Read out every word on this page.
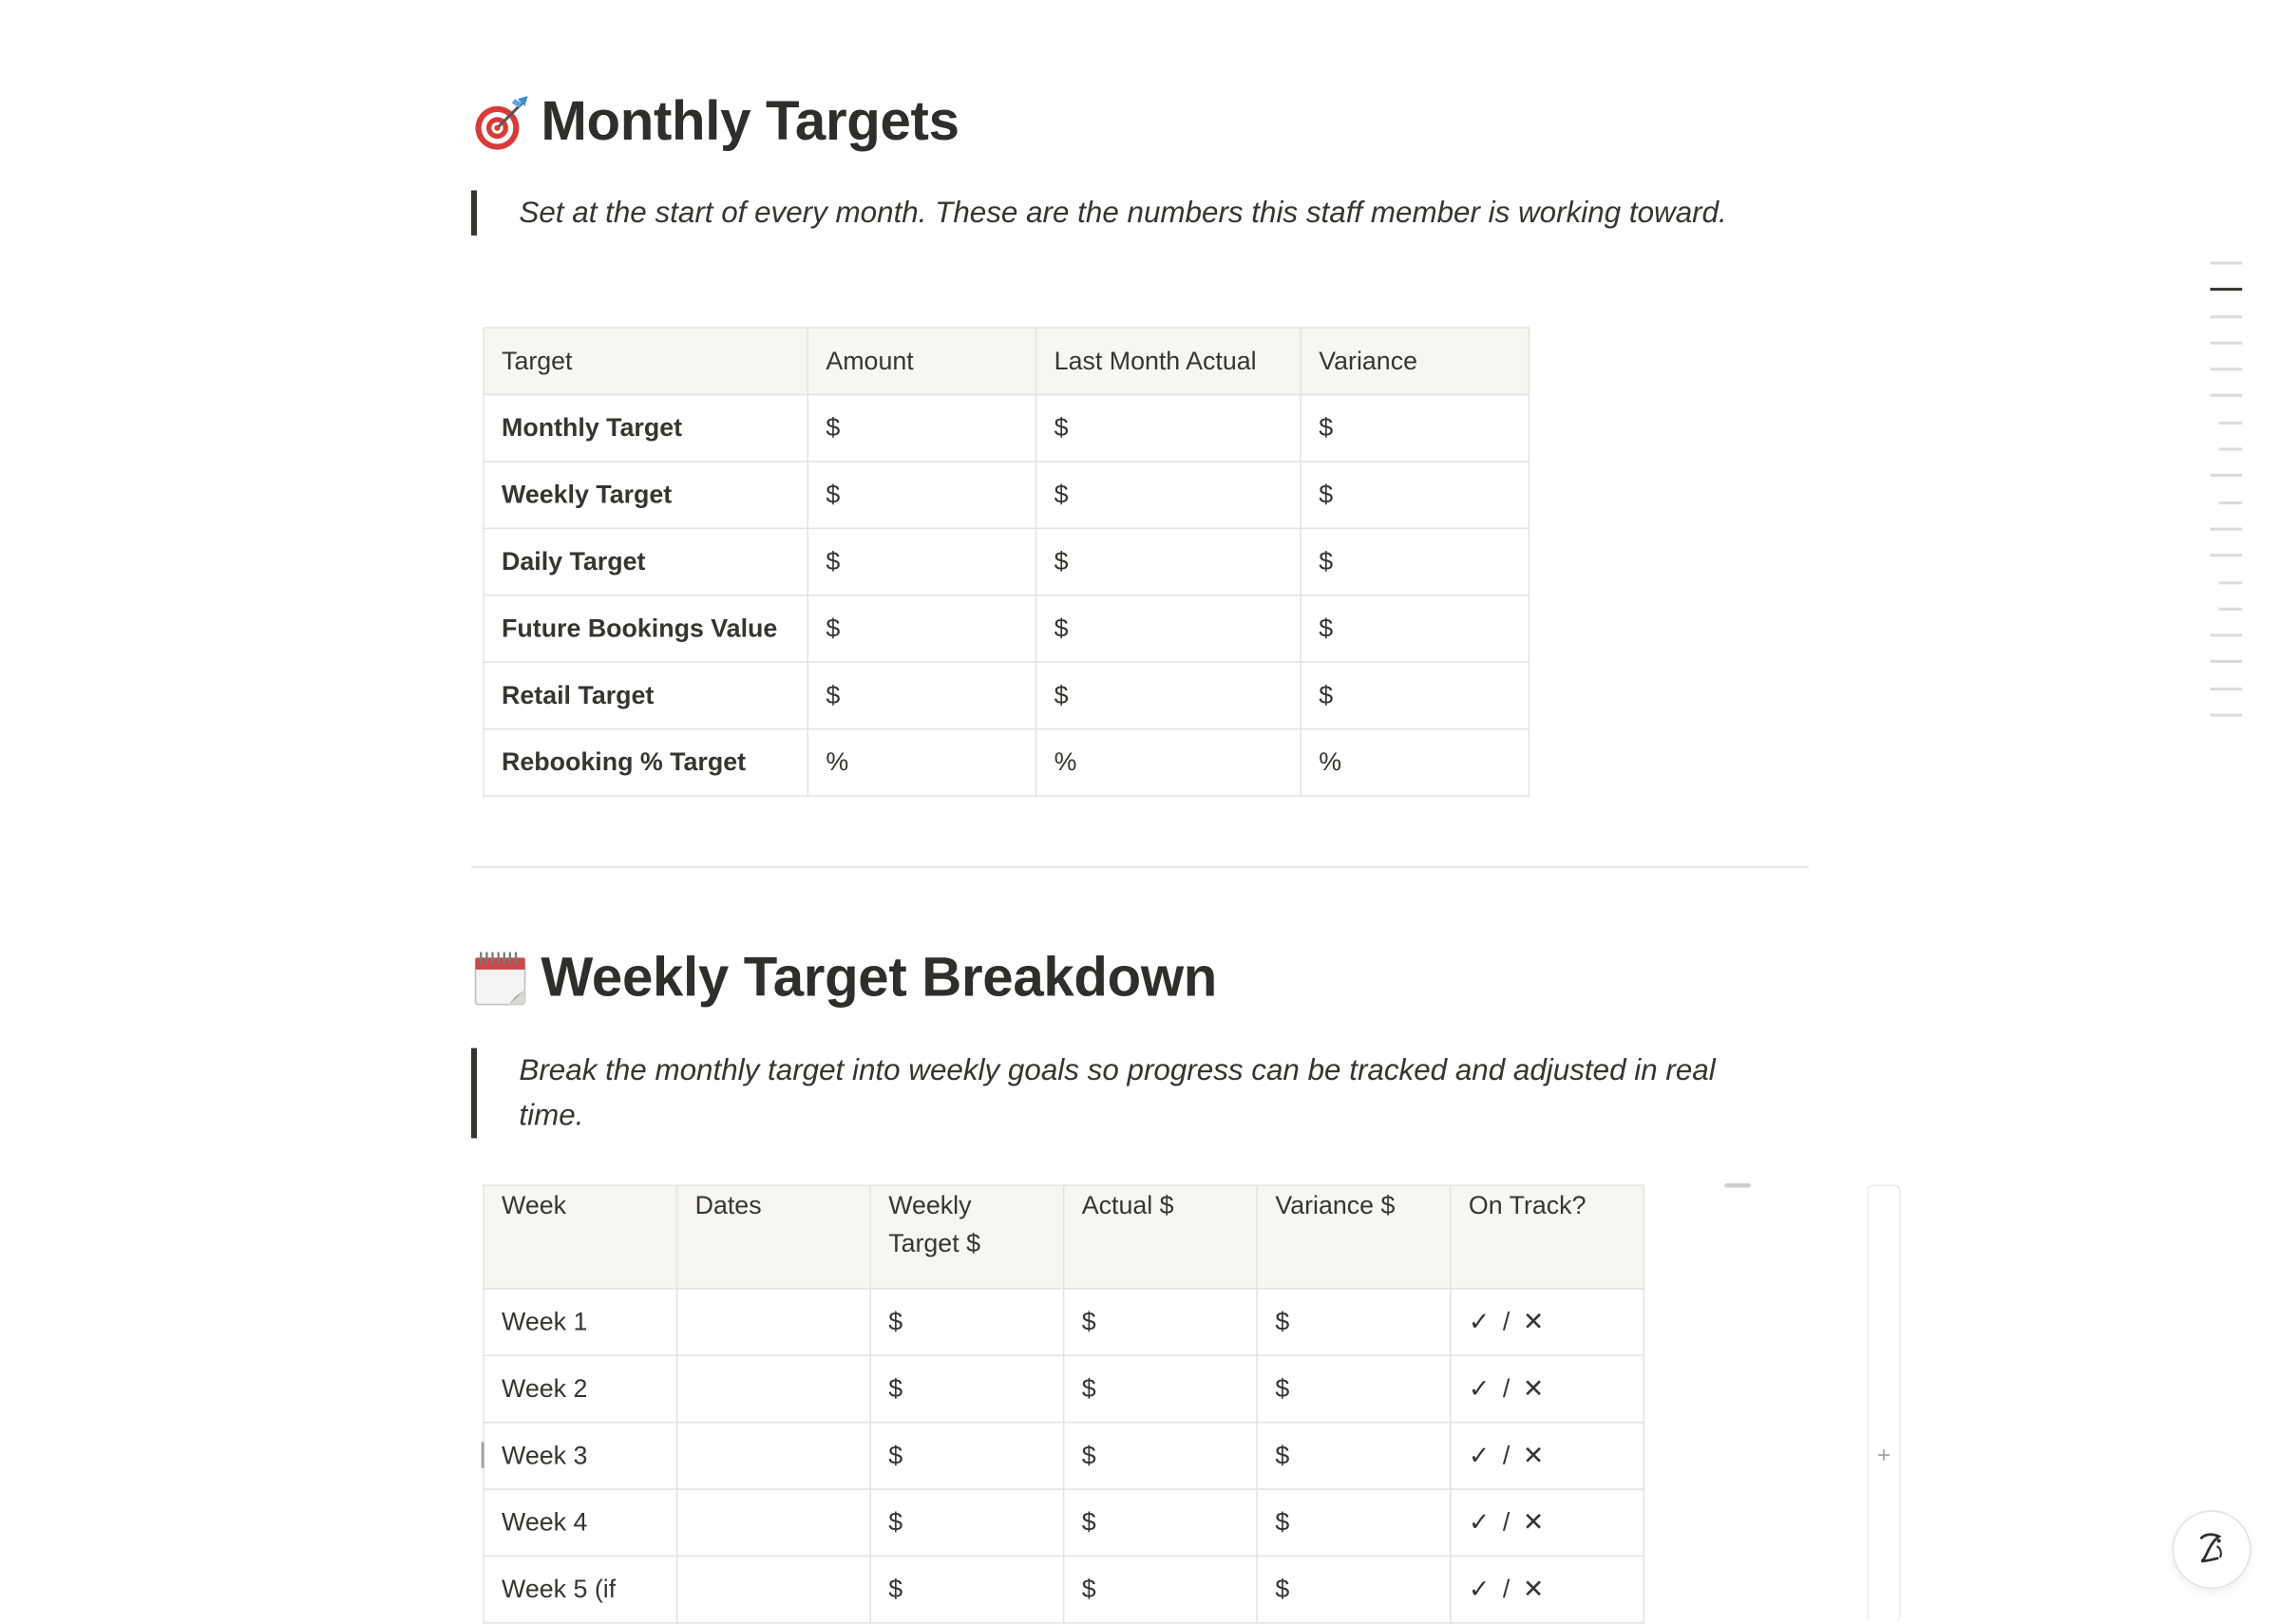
Monthly Targets
Set at the start of every month. These are the numbers this staff member is working toward.
Target	Amount	Last Month Actual	Variance
Monthly Target	$	$	$
Weekly Target	$	$	$
Daily Target	$	$	$
Future Bookings Value	$	$	$
Retail Target	$	$	$
Rebooking % Target	%	%	%
Weekly Target Breakdown
Break the monthly target into weekly goals so progress can be tracked and adjusted in real time.
Week	Dates	Weekly Target $	Actual $	Variance $	On Track?
Week 1		$	$	$	✓ / ✕
Week 2		$	$	$	✓ / ✕
Week 3		$	$	$	✓ / ✕
Week 4		$	$	$	✓ / ✕
Week 5 (if		$	$	$	✓ / ✕
+
